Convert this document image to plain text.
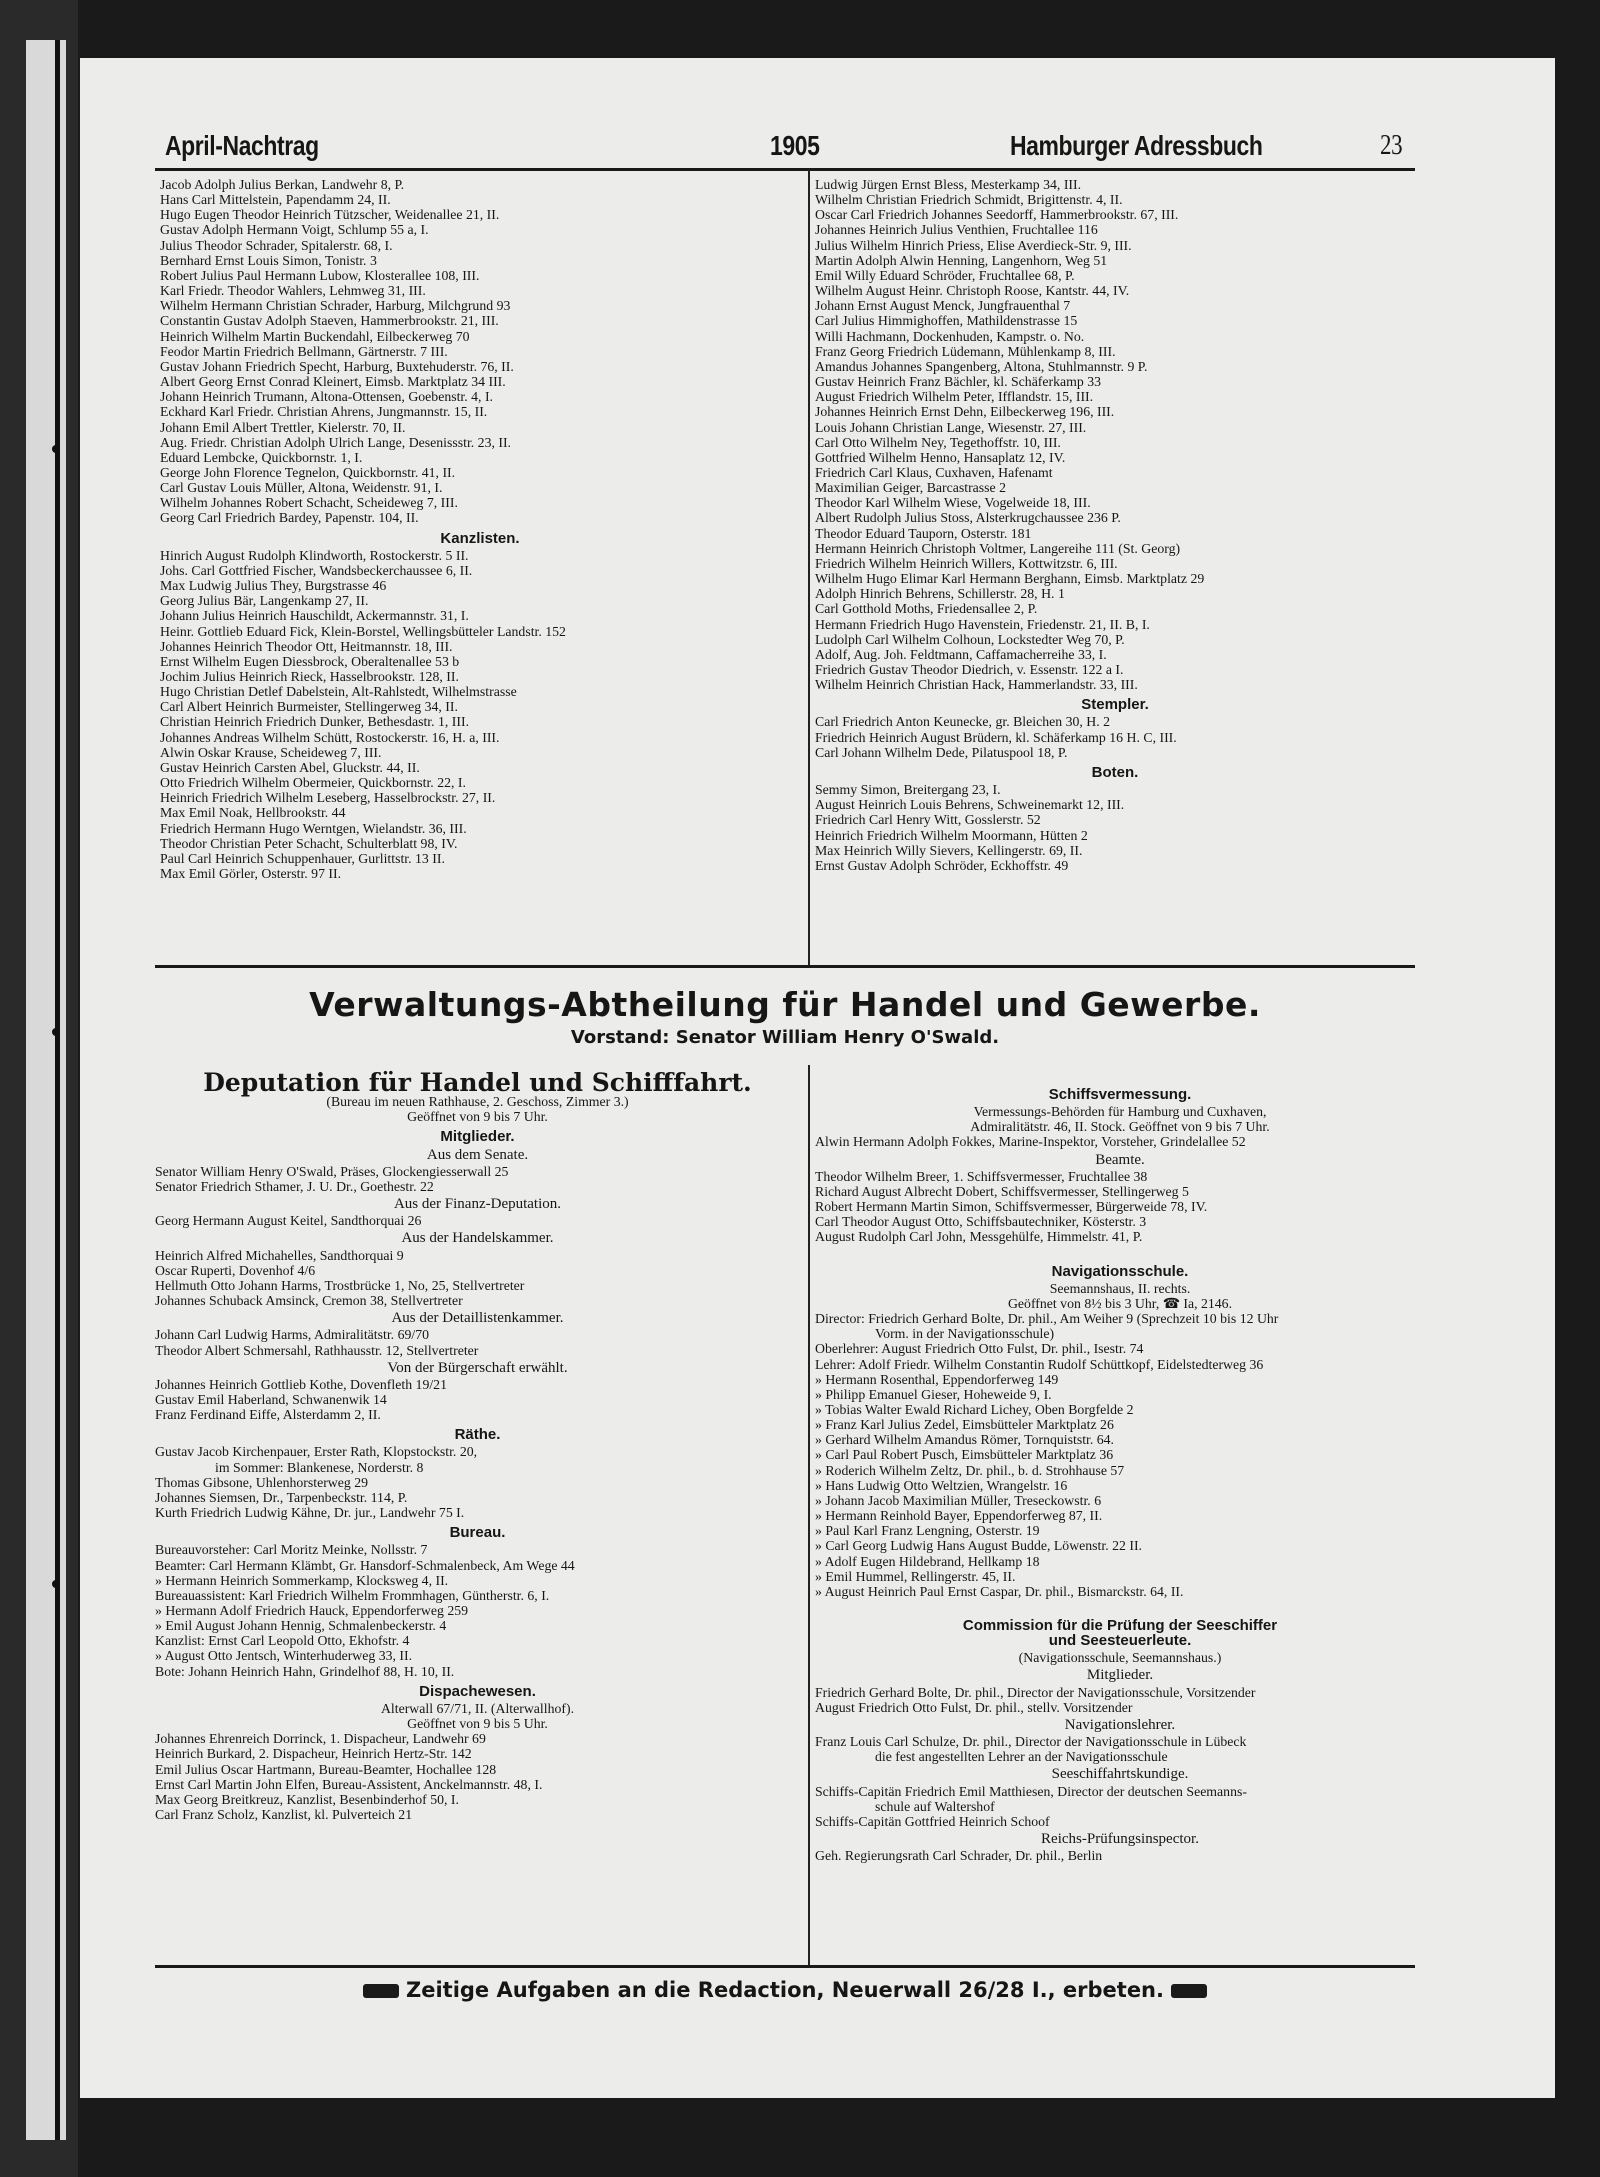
April-Nachtrag	1905	Hamburger Adressbuch	23
Jacob Adolph Julius Berkan, Landwehr 8, P.
Hans Carl Mittelstein, Papendamm 24, II.
Hugo Eugen Theodor Heinrich Tützscher, Weidenallee 21, II.
Gustav Adolph Hermann Voigt, Schlump 55 a, I.
Julius Theodor Schrader, Spitalerstr. 68, I.
Bernhard Ernst Louis Simon, Tonistr. 3
Robert Julius Paul Hermann Lubow, Klosterallee 108, III.
Karl Friedr. Theodor Wahlers, Lehmweg 31, III.
Wilhelm Hermann Christian Schrader, Harburg, Milchgrund 93
Constantin Gustav Adolph Staeven, Hammerbrookstr. 21, III.
Heinrich Wilhelm Martin Buckendahl, Eilbeckerweg 70
Feodor Martin Friedrich Bellmann, Gärtnerstr. 7 III.
Gustav Johann Friedrich Specht, Harburg, Buxtehuderstr. 76, II.
Albert Georg Ernst Conrad Kleinert, Eimsb. Marktplatz 34 III.
Johann Heinrich Trumann, Altona-Ottensen, Goebenstr. 4, I.
Eckhard Karl Friedr. Christian Ahrens, Jungmannstr. 15, II.
Johann Emil Albert Trettler, Kielerstr. 70, II.
Aug. Friedr. Christian Adolph Ulrich Lange, Desenissstr. 23, II.
Eduard Lembcke, Quickbornstr. 1, I.
George John Florence Tegnelon, Quickbornstr. 41, II.
Carl Gustav Louis Müller, Altona, Weidenstr. 91, I.
Wilhelm Johannes Robert Schacht, Scheideweg 7, III.
Georg Carl Friedrich Bardey, Papenstr. 104, II.
Kanzlisten.
Hinrich August Rudolph Klindworth, Rostockerstr. 5 II.
Johs. Carl Gottfried Fischer, Wandsbeckerchaussee 6, II.
Max Ludwig Julius They, Burgstrasse 46
Georg Julius Bär, Langenkamp 27, II.
Johann Julius Heinrich Hauschildt, Ackermannstr. 31, I.
Heinr. Gottlieb Eduard Fick, Klein-Borstel, Wellingsbütteler Landstr. 152
Johannes Heinrich Theodor Ott, Heitmannstr. 18, III.
Ernst Wilhelm Eugen Diessbrock, Oberaltenallee 53 b
Jochim Julius Heinrich Rieck, Hasselbrookstr. 128, II.
Hugo Christian Detlef Dabelstein, Alt-Rahlstedt, Wilhelmstrasse
Carl Albert Heinrich Burmeister, Stellingerweg 34, II.
Christian Heinrich Friedrich Dunker, Bethesdastr. 1, III.
Johannes Andreas Wilhelm Schütt, Rostockerstr. 16, H. a, III.
Alwin Oskar Krause, Scheideweg 7, III.
Gustav Heinrich Carsten Abel, Gluckstr. 44, II.
Otto Friedrich Wilhelm Obermeier, Quickbornstr. 22, I.
Heinrich Friedrich Wilhelm Leseberg, Hasselbrockstr. 27, II.
Max Emil Noak, Hellbrookstr. 44
Friedrich Hermann Hugo Werntgen, Wielandstr. 36, III.
Theodor Christian Peter Schacht, Schulterblatt 98, IV.
Paul Carl Heinrich Schuppenhauer, Gurlittstr. 13 II.
Max Emil Görler, Osterstr. 97 II.
Ludwig Jürgen Ernst Bless, Mesterkamp 34, III.
Wilhelm Christian Friedrich Schmidt, Brigittenstr. 4, II.
Oscar Carl Friedrich Johannes Seedorff, Hammerbrookstr. 67, III.
Johannes Heinrich Julius Venthien, Fruchtallee 116
Julius Wilhelm Hinrich Priess, Elise Averdieck-Str. 9, III.
Martin Adolph Alwin Henning, Langenhorn, Weg 51
Emil Willy Eduard Schröder, Fruchtallee 68, P.
Wilhelm August Heinr. Christoph Roose, Kantstr. 44, IV.
Johann Ernst August Menck, Jungfrauenthal 7
Carl Julius Himmighoffen, Mathildenstrasse 15
Willi Hachmann, Dockenhuden, Kampstr. o. No.
Franz Georg Friedrich Lüdemann, Mühlenkamp 8, III.
Amandus Johannes Spangenberg, Altona, Stuhlmannstr. 9 P.
Gustav Heinrich Franz Bächler, kl. Schäferkamp 33
August Friedrich Wilhelm Peter, Ifflandstr. 15, III.
Johannes Heinrich Ernst Dehn, Eilbeckerweg 196, III.
Louis Johann Christian Lange, Wiesenstr. 27, III.
Carl Otto Wilhelm Ney, Tegethoffstr. 10, III.
Gottfried Wilhelm Henno, Hansaplatz 12, IV.
Friedrich Carl Klaus, Cuxhaven, Hafenamt
Maximilian Geiger, Barcastrasse 2
Theodor Karl Wilhelm Wiese, Vogelweide 18, III.
Albert Rudolph Julius Stoss, Alsterkrugchaussee 236 P.
Theodor Eduard Tauporn, Osterstr. 181
Hermann Heinrich Christoph Voltmer, Langereihe 111 (St. Georg)
Friedrich Wilhelm Heinrich Willers, Kottwitzstr. 6, III.
Wilhelm Hugo Elimar Karl Hermann Berghann, Eimsb. Marktplatz 29
Adolph Hinrich Behrens, Schillerstr. 28, H. 1
Carl Gotthold Moths, Friedensallee 2, P.
Hermann Friedrich Hugo Havenstein, Friedenstr. 21, II. B, I.
Ludolph Carl Wilhelm Colhoun, Lockstedter Weg 70, P.
Adolf, Aug. Joh. Feldtmann, Caffamacherreihe 33, I.
Friedrich Gustav Theodor Diedrich, v. Essenstr. 122 a I.
Wilhelm Heinrich Christian Hack, Hammerlandstr. 33, III.
Stempler.
Carl Friedrich Anton Keunecke, gr. Bleichen 30, H. 2
Friedrich Heinrich August Brüdern, kl. Schäferkamp 16 H. C, III.
Carl Johann Wilhelm Dede, Pilatuspool 18, P.
Boten.
Semmy Simon, Breitergang 23, I.
August Heinrich Louis Behrens, Schweinemarkt 12, III.
Friedrich Carl Henry Witt, Gosslerstr. 52
Heinrich Friedrich Wilhelm Moormann, Hütten 2
Max Heinrich Willy Sievers, Kellingerstr. 69, II.
Ernst Gustav Adolph Schröder, Eckhoffstr. 49
Verwaltungs-Abtheilung für Handel und Gewerbe.
Vorstand: Senator William Henry O'Swald.
Deputation für Handel und Schifffahrt.
(Bureau im neuen Rathhause, 2. Geschoss, Zimmer 3.)
Geöffnet von 9 bis 7 Uhr.
Mitglieder.
Aus dem Senate.
Senator William Henry O'Swald, Präses, Glockengiesserwall 25
Senator Friedrich Sthamer, J. U. Dr., Goethestr. 22
Aus der Finanz-Deputation.
Georg Hermann August Keitel, Sandthorquai 26
Aus der Handelskammer.
Heinrich Alfred Michahelles, Sandthorquai 9
Oscar Ruperti, Dovenhof 4/6
Hellmuth Otto Johann Harms, Trostbrücke 1, No, 25, Stellvertreter
Johannes Schuback Amsinck, Cremon 38, Stellvertreter
Aus der Detaillistenkammer.
Johann Carl Ludwig Harms, Admiralitätstr. 69/70
Theodor Albert Schmersahl, Rathhausstr. 12, Stellvertreter
Von der Bürgerschaft erwählt.
Johannes Heinrich Gottlieb Kothe, Dovenfleth 19/21
Gustav Emil Haberland, Schwanenwik 14
Franz Ferdinand Eiffe, Alsterdamm 2, II.
Räthe.
Gustav Jacob Kirchenpauer, Erster Rath, Klopstockstr. 20,
im Sommer: Blankenese, Norderstr. 8
Thomas Gibsone, Uhlenhorsterweg 29
Johannes Siemsen, Dr., Tarpenbeckstr. 114, P.
Kurth Friedrich Ludwig Kähne, Dr. jur., Landwehr 75 I.
Bureau.
Bureauvorsteher: Carl Moritz Meinke, Nollsstr. 7
Beamter: Carl Hermann Klämbt, Gr. Hansdorf-Schmalenbeck, Am Wege 44
» Hermann Heinrich Sommerkamp, Klocksweg 4, II.
Bureauassistent: Karl Friedrich Wilhelm Frommhagen, Güntherstr. 6, I.
» Hermann Adolf Friedrich Hauck, Eppendorferweg 259
» Emil August Johann Hennig, Schmalenbeckerstr. 4
Kanzlist: Ernst Carl Leopold Otto, Ekhofstr. 4
» August Otto Jentsch, Winterhuderweg 33, II.
Bote: Johann Heinrich Hahn, Grindelhof 88, H. 10, II.
Dispachewesen.
Alterwall 67/71, II. (Alterwallhof).
Geöffnet von 9 bis 5 Uhr.
Johannes Ehrenreich Dorrinck, 1. Dispacheur, Landwehr 69
Heinrich Burkard, 2. Dispacheur, Heinrich Hertz-Str. 142
Emil Julius Oscar Hartmann, Bureau-Beamter, Hochallee 128
Ernst Carl Martin John Elfen, Bureau-Assistent, Anckelmannstr. 48, I.
Max Georg Breitkreuz, Kanzlist, Besenbinderhof 50, I.
Carl Franz Scholz, Kanzlist, kl. Pulverteich 21
Schiffsvermessung.
Vermessungs-Behörden für Hamburg und Cuxhaven,
Admiralitätstr. 46, II. Stock. Geöffnet von 9 bis 7 Uhr.
Alwin Hermann Adolph Fokkes, Marine-Inspektor, Vorsteher, Grindelallee 52
Beamte.
Theodor Wilhelm Breer, 1. Schiffsvermesser, Fruchtallee 38
Richard August Albrecht Dobert, Schiffsvermesser, Stellingerweg 5
Robert Hermann Martin Simon, Schiffsvermesser, Bürgerweide 78, IV.
Carl Theodor August Otto, Schiffsbautechniker, Kösterstr. 3
August Rudolph Carl John, Messgehülfe, Himmelstr. 41, P.
Navigationsschule.
Seemannshaus, II. rechts.
Geöffnet von 8½ bis 3 Uhr, ☎ Ia, 2146.
Director: Friedrich Gerhard Bolte, Dr. phil., Am Weiher 9 (Sprechzeit 10 bis 12 Uhr
Vorm. in der Navigationsschule)
Oberlehrer: August Friedrich Otto Fulst, Dr. phil., Isestr. 74
Lehrer: Adolf Friedr. Wilhelm Constantin Rudolf Schüttkopf, Eidelstedterweg 36
» Hermann Rosenthal, Eppendorferweg 149
» Philipp Emanuel Gieser, Hoheweide 9, I.
» Tobias Walter Ewald Richard Lichey, Oben Borgfelde 2
» Franz Karl Julius Zedel, Eimsbütteler Marktplatz 26
» Gerhard Wilhelm Amandus Römer, Tornquiststr. 64.
» Carl Paul Robert Pusch, Eimsbütteler Marktplatz 36
» Roderich Wilhelm Zeltz, Dr. phil., b. d. Strohhause 57
» Hans Ludwig Otto Weltzien, Wrangelstr. 16
» Johann Jacob Maximilian Müller, Treseckowstr. 6
» Hermann Reinhold Bayer, Eppendorferweg 87, II.
» Paul Karl Franz Lengning, Osterstr. 19
» Carl Georg Ludwig Hans August Budde, Löwenstr. 22 II.
» Adolf Eugen Hildebrand, Hellkamp 18
» Emil Hummel, Rellingerstr. 45, II.
» August Heinrich Paul Ernst Caspar, Dr. phil., Bismarckstr. 64, II.
Commission für die Prüfung der Seeschiffer
und Seesteuerleute.
(Navigationsschule, Seemannshaus.)
Mitglieder.
Friedrich Gerhard Bolte, Dr. phil., Director der Navigationsschule, Vorsitzender
August Friedrich Otto Fulst, Dr. phil., stellv. Vorsitzender
Navigationslehrer.
Franz Louis Carl Schulze, Dr. phil., Director der Navigationsschule in Lübeck
die fest angestellten Lehrer an der Navigationsschule
Seeschiffahrtskundige.
Schiffs-Capitän Friedrich Emil Matthiesen, Director der deutschen Seemanns-
schule auf Waltershof
Schiffs-Capitän Gottfried Heinrich Schoof
Reichs-Prüfungsinspector.
Geh. Regierungsrath Carl Schrader, Dr. phil., Berlin
Zeitige Aufgaben an die Redaction, Neuerwall 26/28 I., erbeten.
